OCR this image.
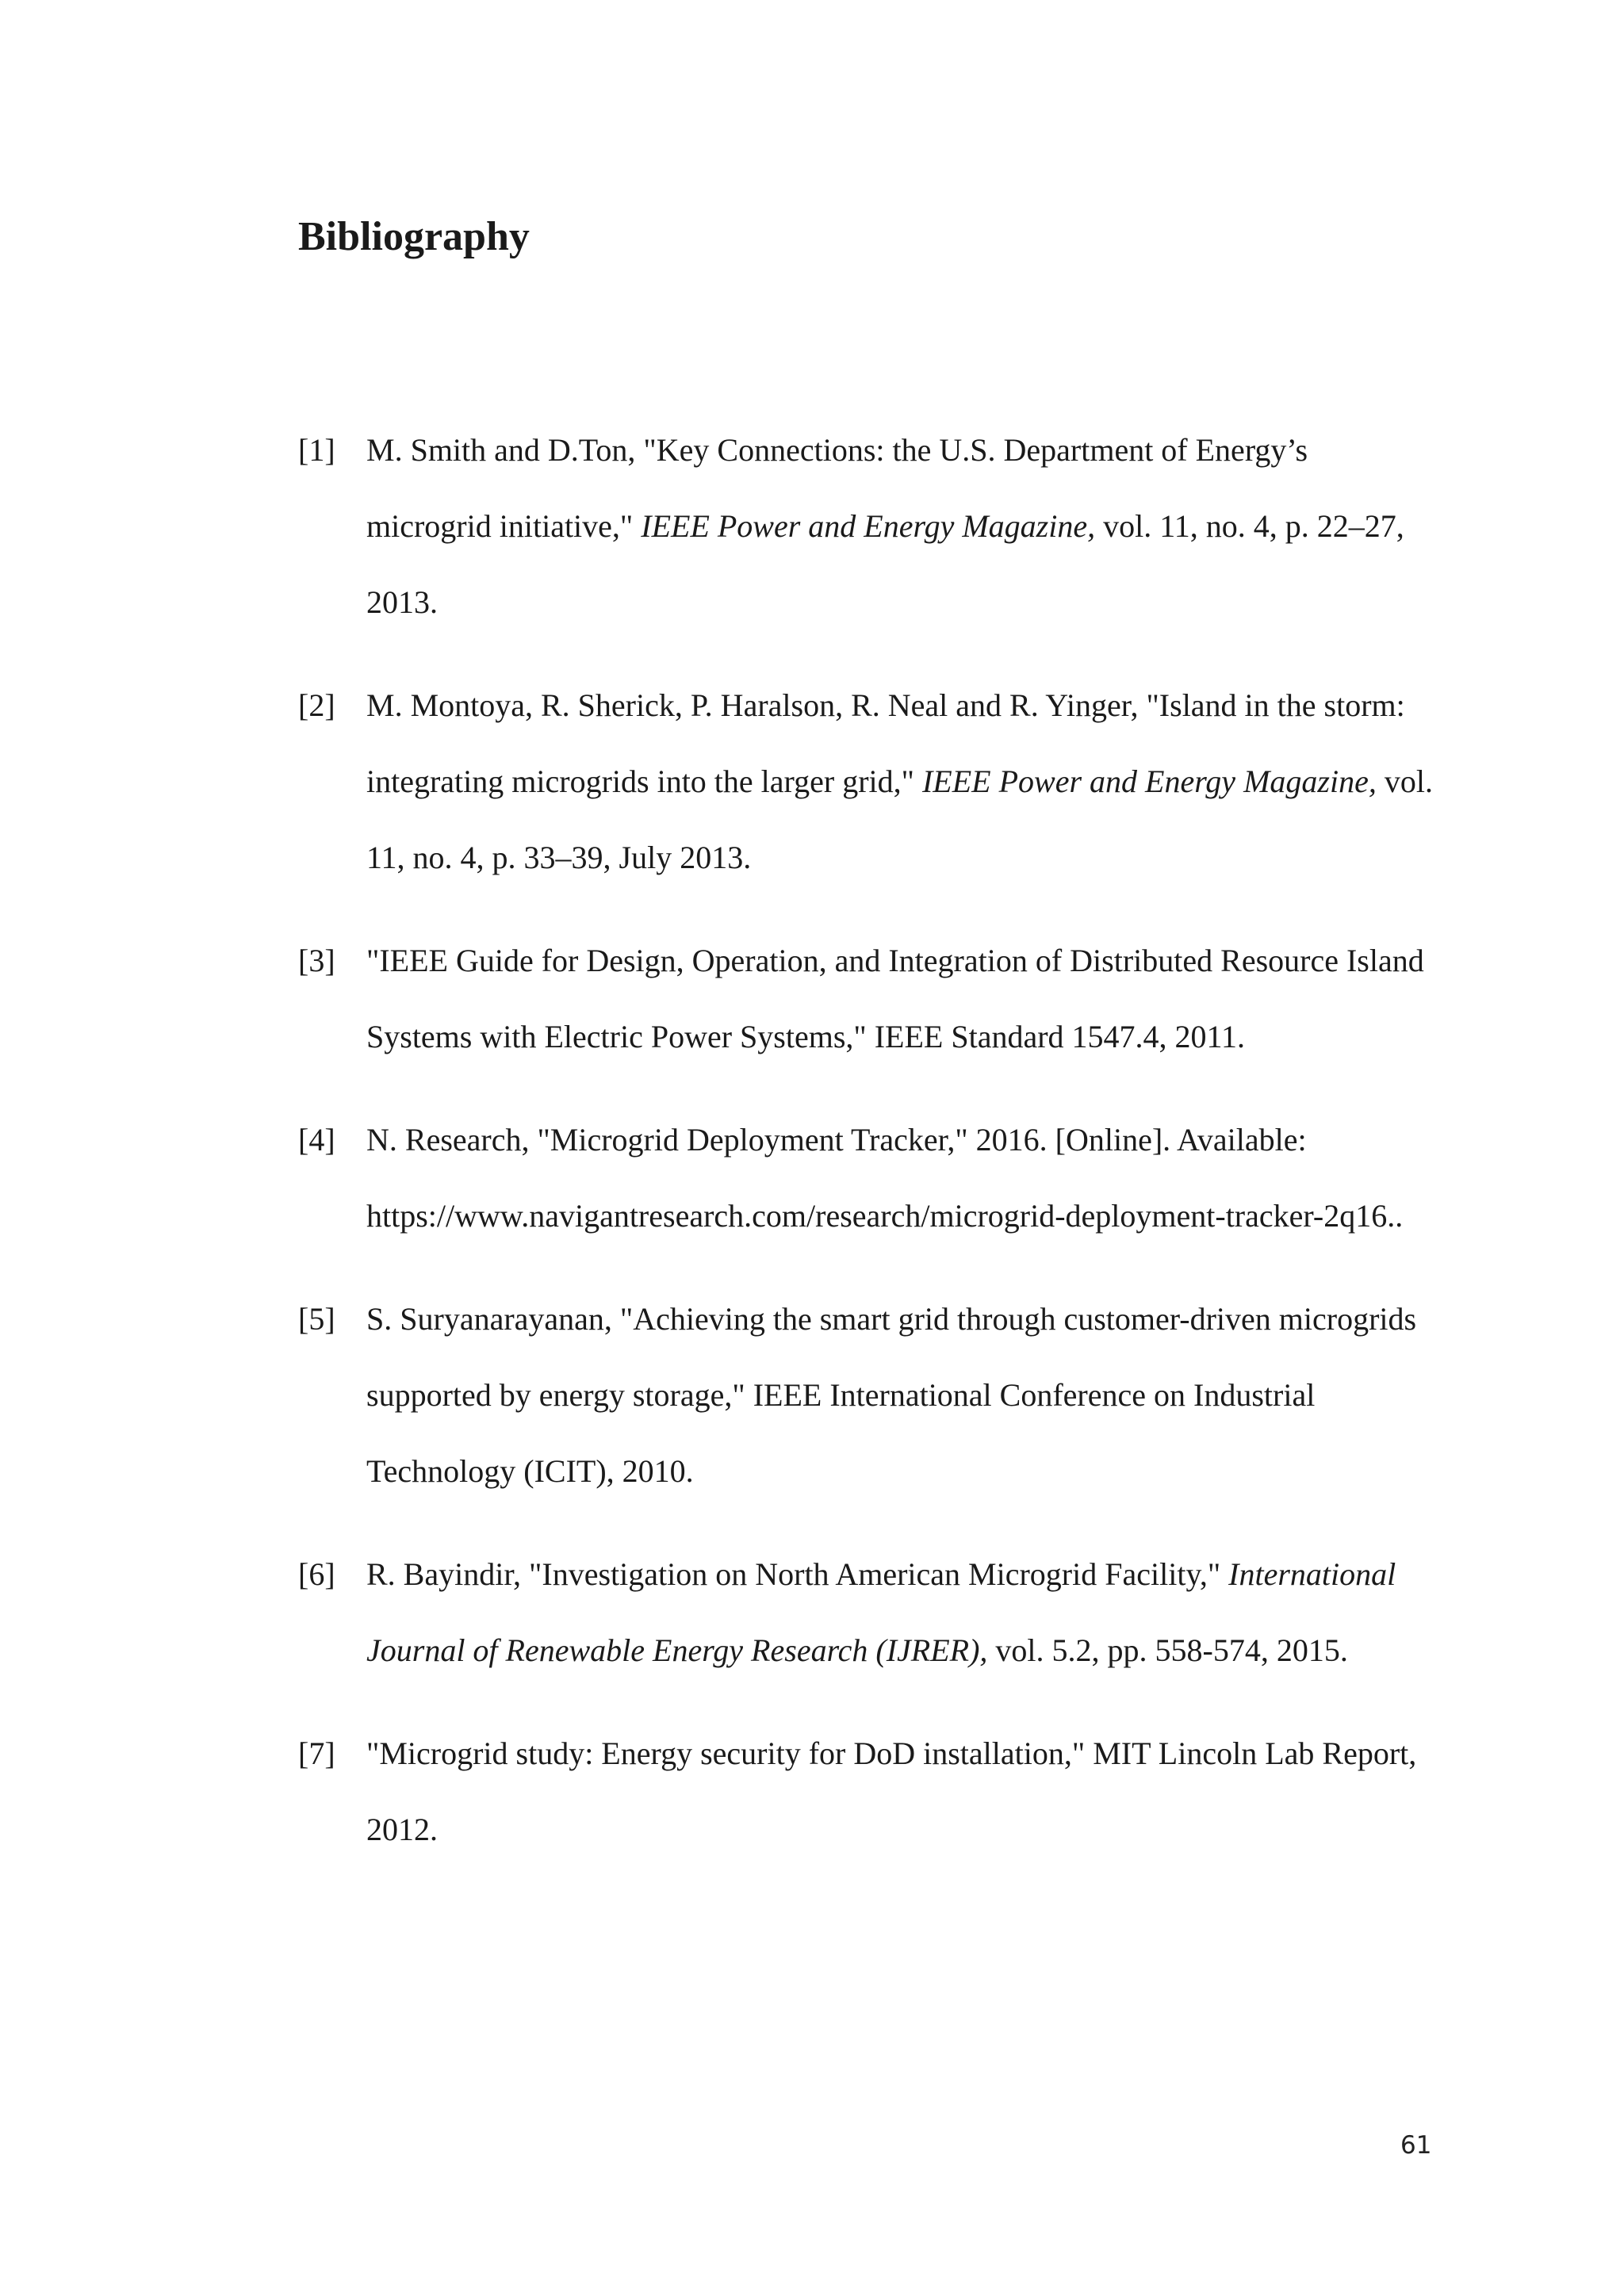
Bibliography
[1] M. Smith and D.Ton, "Key Connections: the U.S. Department of Energy’s microgrid initiative," IEEE Power and Energy Magazine, vol. 11, no. 4, p. 22–27, 2013.
[2] M. Montoya, R. Sherick, P. Haralson, R. Neal and R. Yinger, "Island in the storm: integrating microgrids into the larger grid," IEEE Power and Energy Magazine, vol. 11, no. 4, p. 33–39, July 2013.
[3] "IEEE Guide for Design, Operation, and Integration of Distributed Resource Island Systems with Electric Power Systems," IEEE Standard 1547.4, 2011.
[4] N. Research, "Microgrid Deployment Tracker," 2016. [Online]. Available: https://www.navigantresearch.com/research/microgrid-deployment-tracker-2q16..
[5] S. Suryanarayanan, "Achieving the smart grid through customer-driven microgrids supported by energy storage," IEEE International Conference on Industrial Technology (ICIT), 2010.
[6] R. Bayindir, "Investigation on North American Microgrid Facility," International Journal of Renewable Energy Research (IJRER), vol. 5.2, pp. 558-574, 2015.
[7] "Microgrid study: Energy security for DoD installation," MIT Lincoln Lab Report, 2012.
61
